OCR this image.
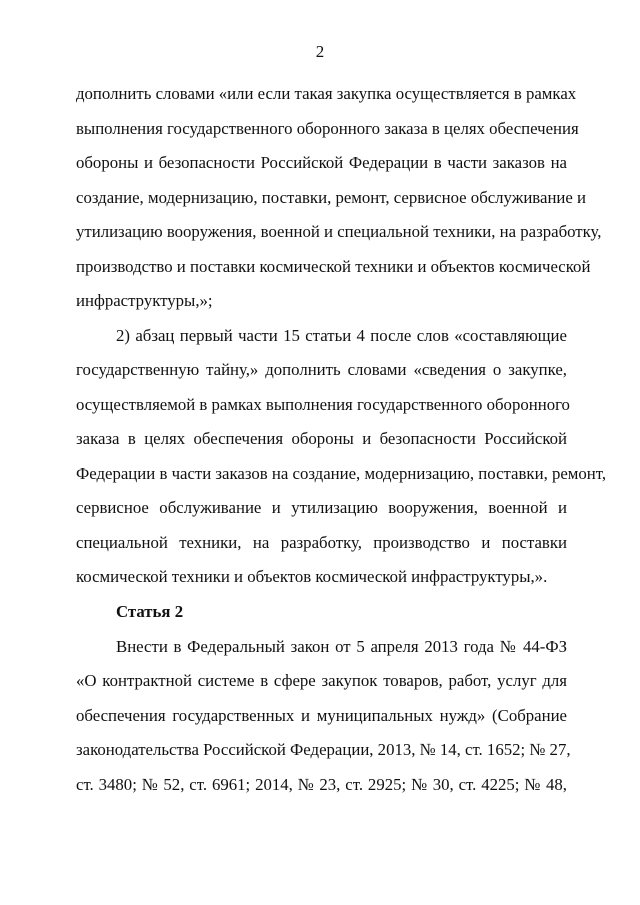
2
дополнить словами «или если такая закупка осуществляется в рамках
выполнения государственного оборонного заказа в целях обеспечения
обороны и безопасности Российской Федерации в части заказов на
создание, модернизацию, поставки, ремонт, сервисное обслуживание и
утилизацию вооружения, военной и специальной техники, на разработку,
производство и поставки космической техники и объектов космической
инфраструктуры,»;
2) абзац первый части 15 статьи 4 после слов «составляющие
государственную тайну,» дополнить словами «сведения о закупке,
осуществляемой в рамках выполнения государственного оборонного
заказа в целях обеспечения обороны и безопасности Российской
Федерации в части заказов на создание, модернизацию, поставки, ремонт,
сервисное обслуживание и утилизацию вооружения, военной и
специальной техники, на разработку, производство и поставки
космической техники и объектов космической инфраструктуры,».
Статья 2
Внести в Федеральный закон от 5 апреля 2013 года № 44-ФЗ
«О контрактной системе в сфере закупок товаров, работ, услуг для
обеспечения государственных и муниципальных нужд» (Собрание
законодательства Российской Федерации, 2013, № 14, ст. 1652; № 27,
ст. 3480; № 52, ст. 6961; 2014, № 23, ст. 2925; № 30, ст. 4225; № 48,
